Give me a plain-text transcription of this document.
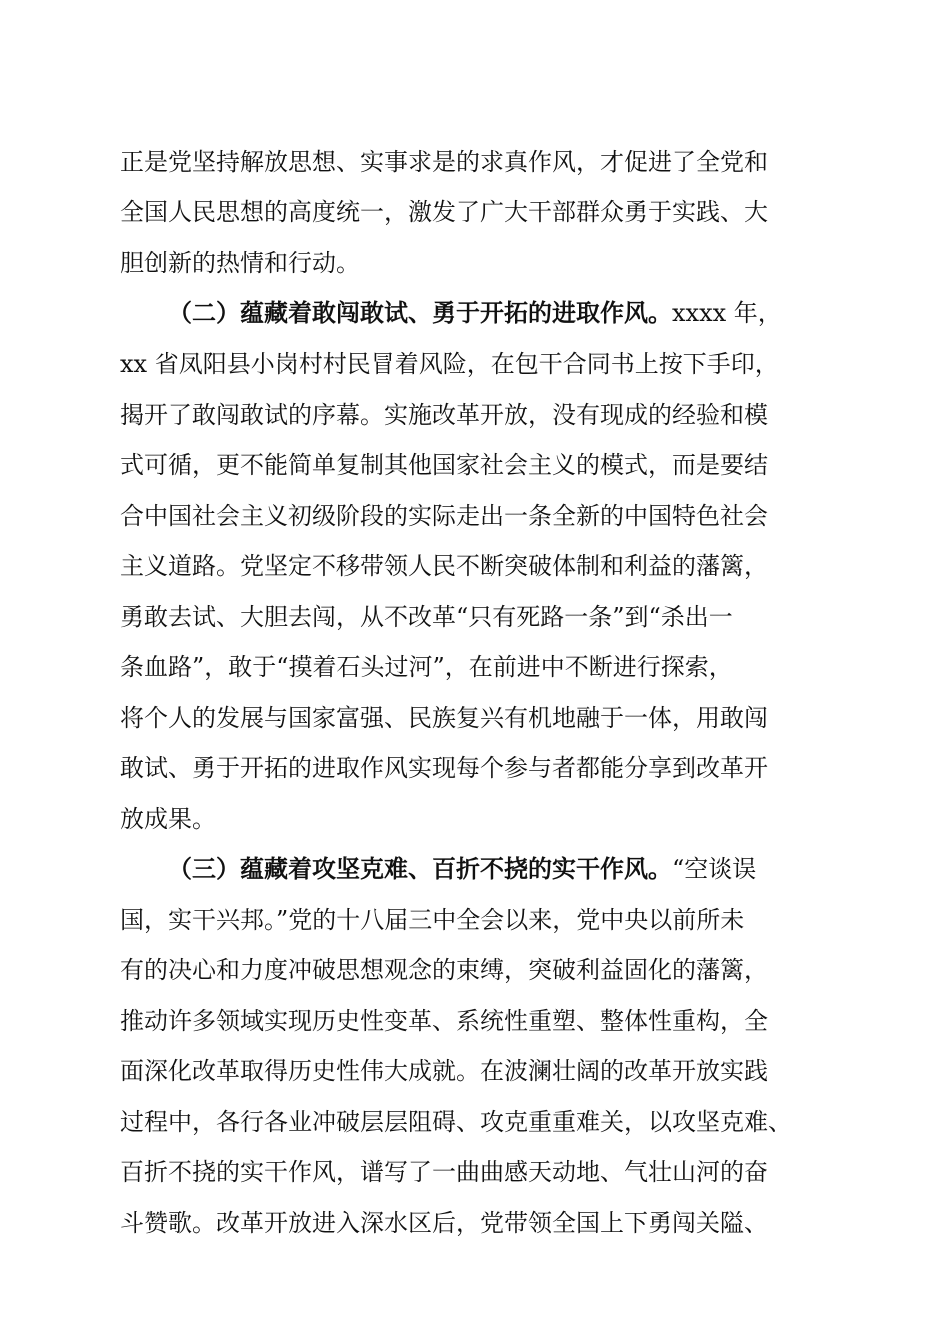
正是党坚持解放思想、实事求是的求真作风，才促进了全党和
全国人民思想的高度统一，激发了广大干部群众勇于实践、大
胆创新的热情和行动。
（二）蕴藏着敢闯敢试、勇于开拓的进取作风。xxxx 年，
xx 省凤阳县小岗村村民冒着风险，在包干合同书上按下手印，
揭开了敢闯敢试的序幕。实施改革开放，没有现成的经验和模
式可循，更不能简单复制其他国家社会主义的模式，而是要结
合中国社会主义初级阶段的实际走出一条全新的中国特色社会
主义道路。党坚定不移带领人民不断突破体制和利益的藩篱，
勇敢去试、大胆去闯，从不改革“只有死路一条”到“杀出一
条血路”，敢于“摸着石头过河”，在前进中不断进行探索，
将个人的发展与国家富强、民族复兴有机地融于一体，用敢闯
敢试、勇于开拓的进取作风实现每个参与者都能分享到改革开
放成果。
（三）蕴藏着攻坚克难、百折不挠的实干作风。“空谈误
国，实干兴邦。”党的十八届三中全会以来，党中央以前所未
有的决心和力度冲破思想观念的束缚，突破利益固化的藩篱，
推动许多领域实现历史性变革、系统性重塑、整体性重构，全
面深化改革取得历史性伟大成就。在波澜壮阔的改革开放实践
过程中，各行各业冲破层层阻碍、攻克重重难关，以攻坚克难、
百折不挠的实干作风，谱写了一曲曲感天动地、气壮山河的奋
斗赞歌。改革开放进入深水区后，党带领全国上下勇闯关隘、
